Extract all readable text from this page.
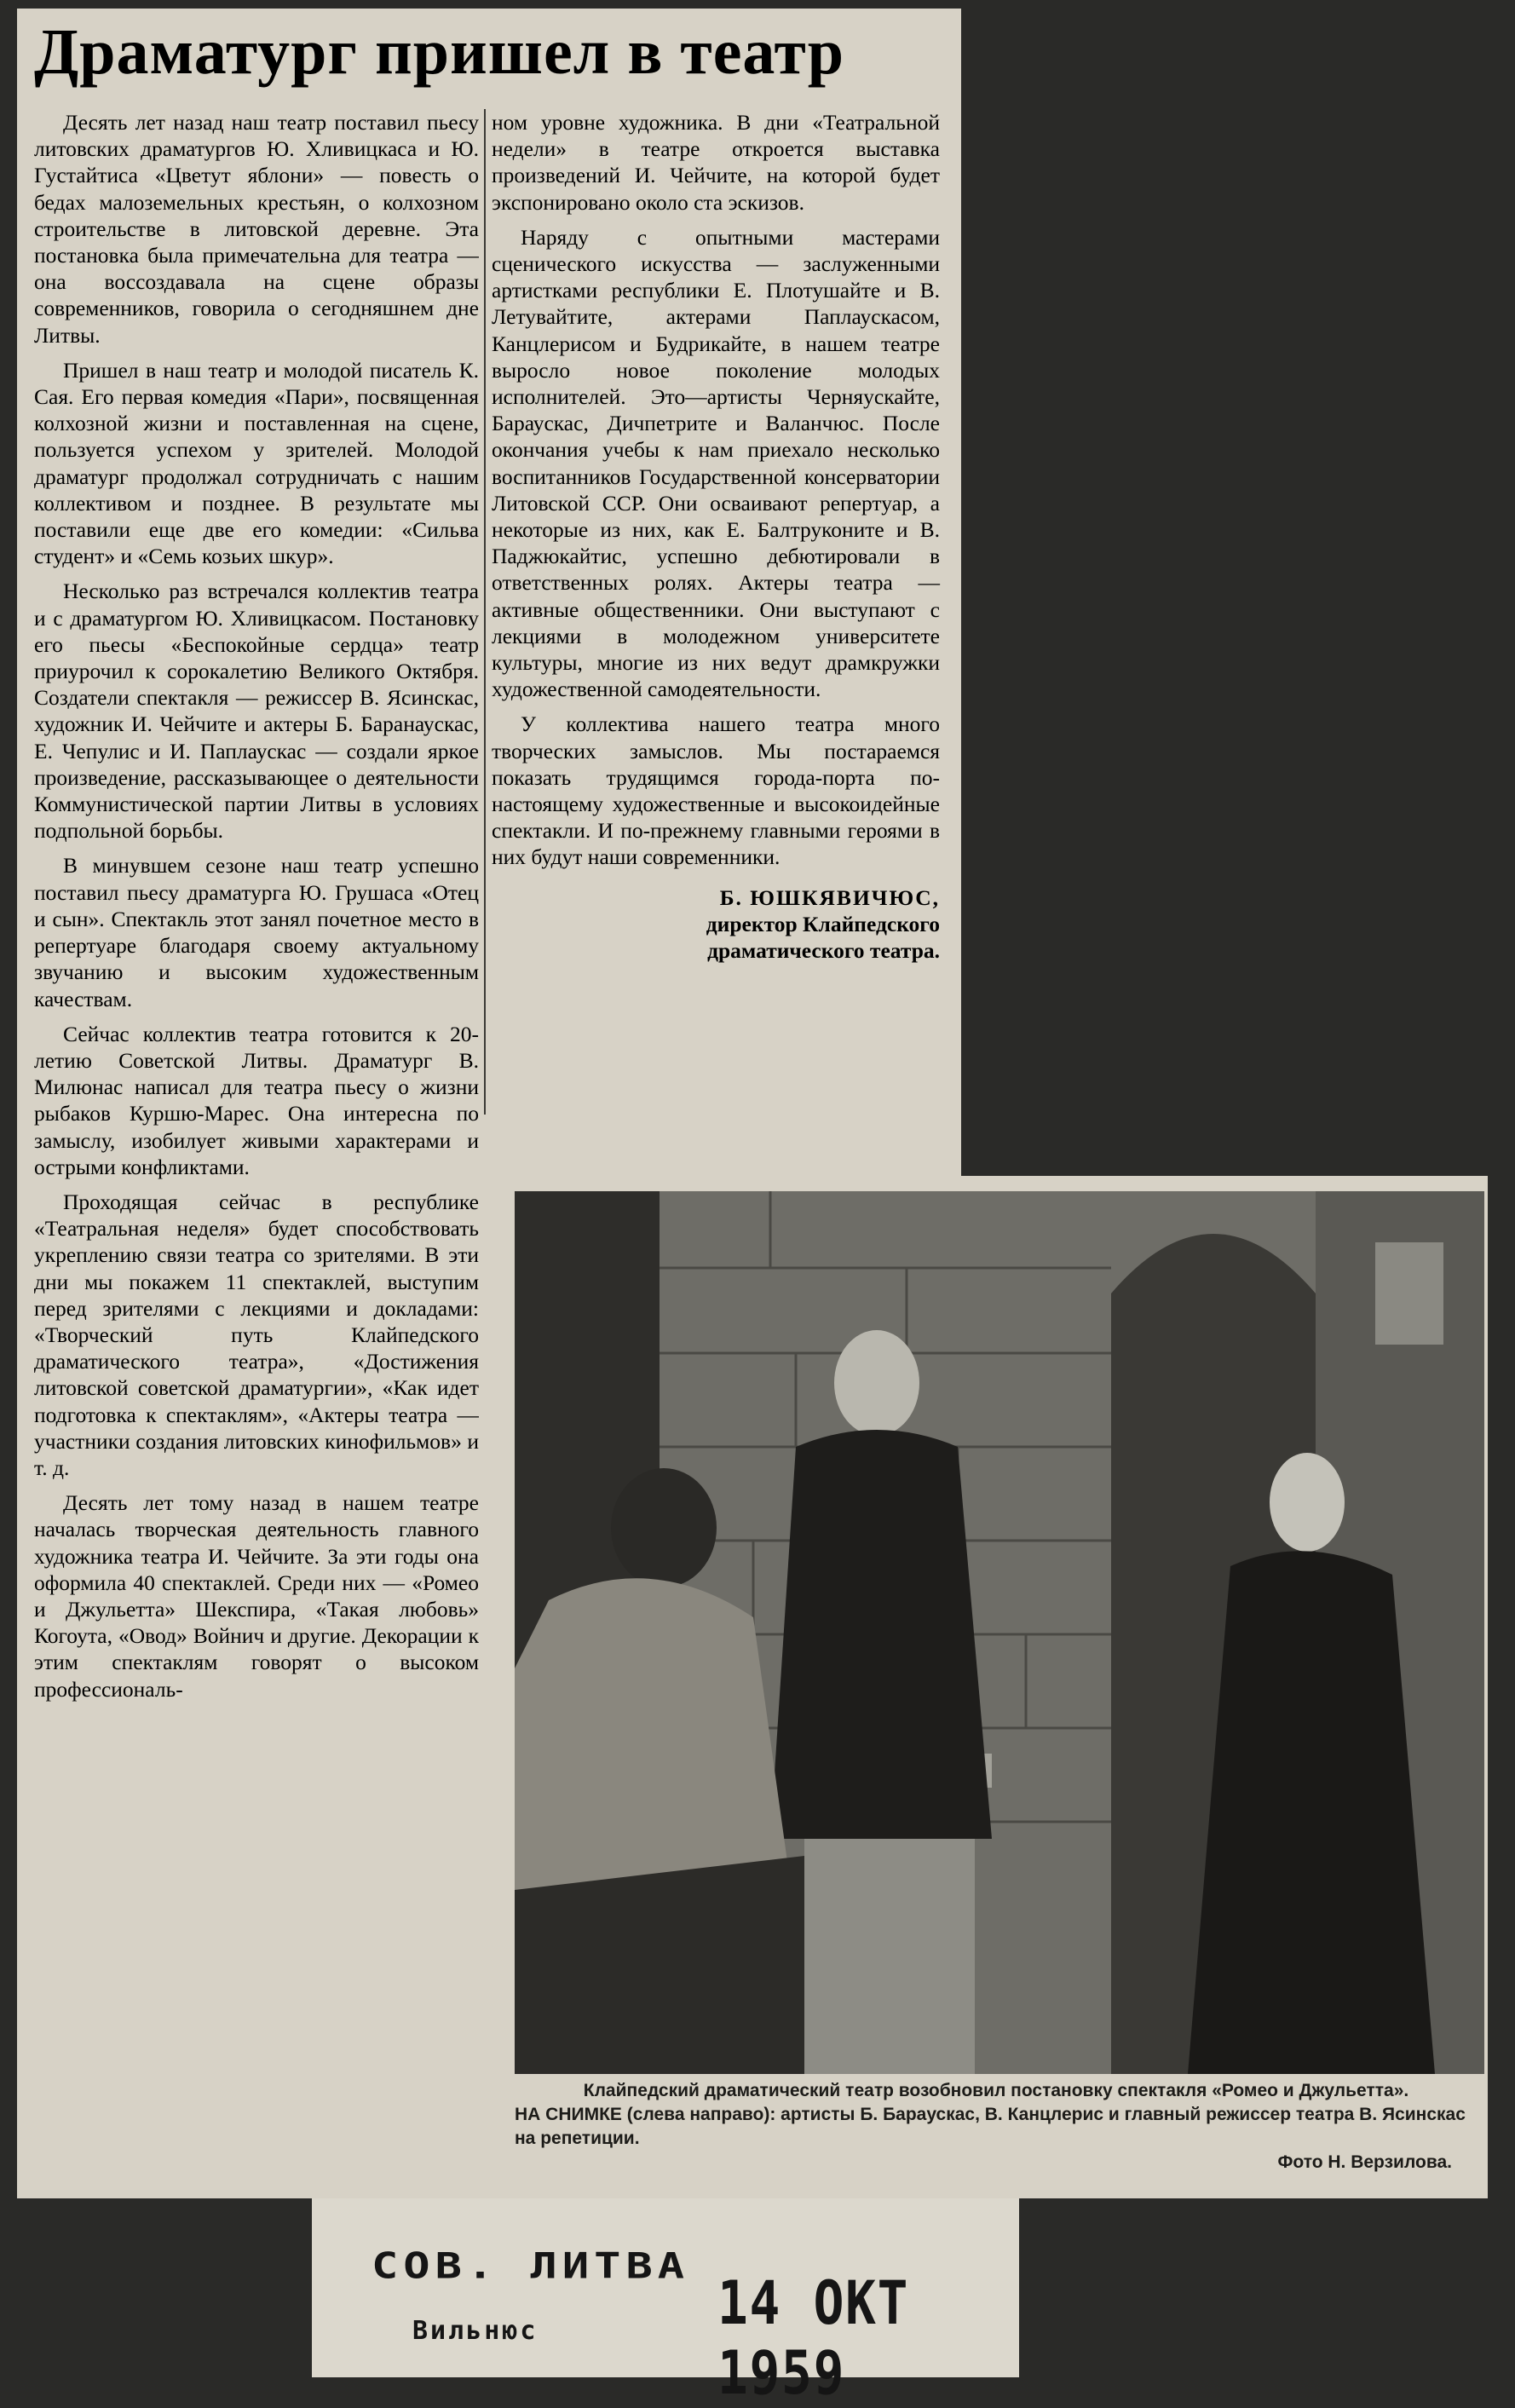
Драматург пришел в театр

Десять лет назад наш театр поставил пьесу литовских драматургов Ю. Хливицкаса и Ю. Густайтиса «Цветут яблони» — повесть о бедах малоземельных крестьян, о колхозном строительстве в литовской деревне. Эта постановка была примечательна для театра — она воссоздавала на сцене образы современников, говорила о сегодняшнем дне Литвы.

Пришел в наш театр и молодой писатель К. Сая. Его первая комедия «Пари», посвященная колхозной жизни и поставленная на сцене, пользуется успехом у зрителей. Молодой драматург продолжал сотрудничать с нашим коллективом и позднее. В результате мы поставили еще две его комедии: «Сильва студент» и «Семь козьих шкур».

Несколько раз встречался коллектив театра и с драматургом Ю. Хливицкасом. Постановку его пьесы «Беспокойные сердца» театр приурочил к сорокалетию Великого Октября. Создатели спектакля — режиссер В. Ясинскас, художник И. Чейчите и актеры Б. Баранаускас, Е. Чепулис и И. Паплаускас — создали яркое произведение, рассказывающее о деятельности Коммунистической партии Литвы в условиях подпольной борьбы.

В минувшем сезоне наш театр успешно поставил пьесу драматурга Ю. Грушаса «Отец и сын». Спектакль этот занял почетное место в репертуаре благодаря своему актуальному звучанию и высоким художественным качествам.

Сейчас коллектив театра готовится к 20-летию Советской Литвы. Драматург В. Милюнас написал для театра пьесу о жизни рыбаков Куршю-Марес. Она интересна по замыслу, изобилует живыми характерами и острыми конфликтами.

Проходящая сейчас в республике «Театральная неделя» будет способствовать укреплению связи театра со зрителями. В эти дни мы покажем 11 спектаклей, выступим перед зрителями с лекциями и докладами: «Творческий путь Клайпедского драматического театра», «Достижения литовской советской драматургии», «Как идет подготовка к спектаклям», «Актеры театра — участники создания литовских кинофильмов» и т. д.

Десять лет тому назад в нашем театре началась творческая деятельность главного художника театра И. Чейчите. За эти годы она оформила 40 спектаклей. Среди них — «Ромео и Джульетта» Шекспира, «Такая любовь» Когоута, «Овод» Войнич и другие. Декорации к этим спектаклям говорят о высоком профессиональ-

ном уровне художника. В дни «Театральной недели» в театре откроется выставка произведений И. Чейчите, на которой будет экспонировано около ста эскизов.

Наряду с опытными мастерами сценического искусства — заслуженными артистками республики Е. Плотушайте и В. Летувайтите, актерами Паплаускасом, Канцлерисом и Будрикайте, в нашем театре выросло новое поколение молодых исполнителей. Это—артисты Черняускайте, Бараускас, Дичпетрите и Валанчюс. После окончания учебы к нам приехало несколько воспитанников Государственной консерватории Литовской ССР. Они осваивают репертуар, а некоторые из них, как Е. Балтруконите и В. Паджюкайтис, успешно дебютировали в ответственных ролях. Актеры театра — активные общественники. Они выступают с лекциями в молодежном университете культуры, многие из них ведут драмкружки художественной самодеятельности.

У коллектива нашего театра много творческих замыслов. Мы постараемся показать трудящимся города-порта по-настоящему художественные и высокоидейные спектакли. И по-прежнему главными героями в них будут наши современники.

Б. ЮШКЯВИЧЮС,
директор Клайпедского
драматического театра.
Клайпедский драматический театр возобновил постановку спектакля «Ромео и Джульетта».
НА СНИМКЕ (слева направо): артисты Б. Бараускас, В. Канцлерис и главный режиссер театра В. Ясинскас на репетиции.
Фото Н. Верзилова.
СОВ. ЛИТВА
Вильнюс	14 ОКТ 1959
